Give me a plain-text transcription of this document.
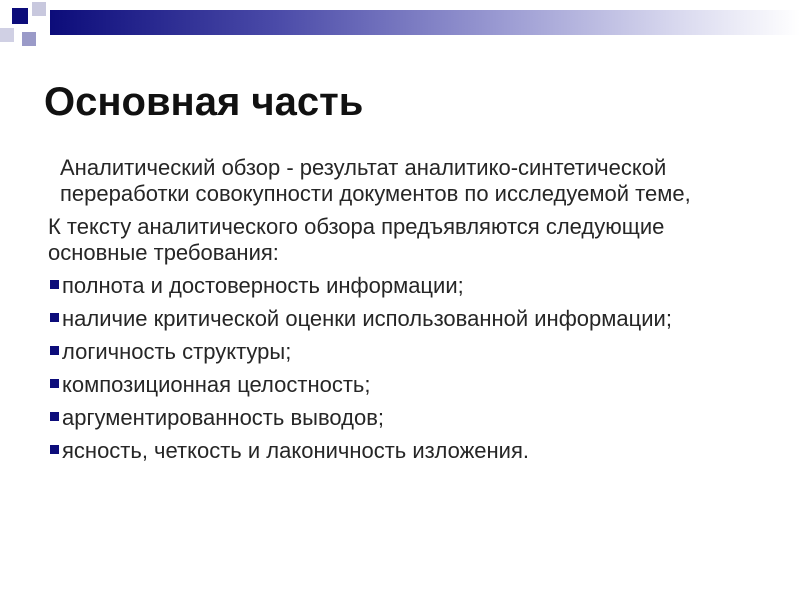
Основная часть

Аналитический обзор - результат аналитико-синтетической переработки совокупности документов по исследуемой теме,

К тексту аналитического обзора предъявляются следующие основные требования:

полнота и достоверность информации;
наличие критической оценки использованной информации;
логичность структуры;
композиционная целостность;
аргументированность выводов;
ясность, четкость и лаконичность изложения.
